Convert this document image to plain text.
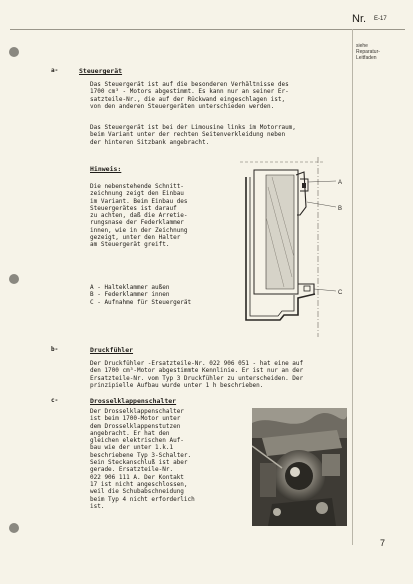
Nr. E-17
siehe
Reparatur-
Leitfaden
a-	Steuergerät
Das Steuergerät ist auf die besonderen Verhältnisse des
1700 cm³ - Motors abgestimmt. Es kann nur an seiner Er-
satzteile-Nr., die auf der Rückwand eingeschlagen ist,
von den anderen Steuergeräten unterschieden werden.
Das Steuergerät ist bei der Limousine links im Motorraum,
beim Variant unter der rechten Seitenverkleidung neben
der hinteren Sitzbank angebracht.
Hinweis:
Die nebenstehende Schnitt-
zeichnung zeigt den Einbau
im Variant. Beim Einbau des
Steuergerätes ist darauf
zu achten, daß die Arretie-
rungsnase der Federklammer
innen, wie in der Zeichnung
gezeigt, unter den Halter
am Steuergerät greift.
A - Halteklammer außen
B - Federklammer innen
C - Aufnahme für Steuergerät
A
B
C
b-	Druckfühler
Der Druckfühler -Ersatzteile-Nr. 022 906 051 - hat eine auf
den 1700 cm³-Motor abgestimmte Kennlinie. Er ist nur an der
Ersatzteile-Nr. vom Typ 3 Druckfühler zu unterscheiden. Der
prinzipielle Aufbau wurde unter 1 h beschrieben.
c-	Drosselklappenschalter
Der Drosselklappenschalter
ist beim 1700-Motor unter
dem Drosselklappenstutzen
angebracht. Er hat den
gleichen elektrischen Auf-
bau wie der unter 1.k.1
beschriebene Typ 3-Schalter.
Sein Steckanschluß ist aber
gerade. Ersatzteile-Nr.
022 906 111 A. Der Kontakt
17 ist nicht angeschlossen,
weil die Schubabschneidung
beim Typ 4 nicht erforderlich
ist.
7
